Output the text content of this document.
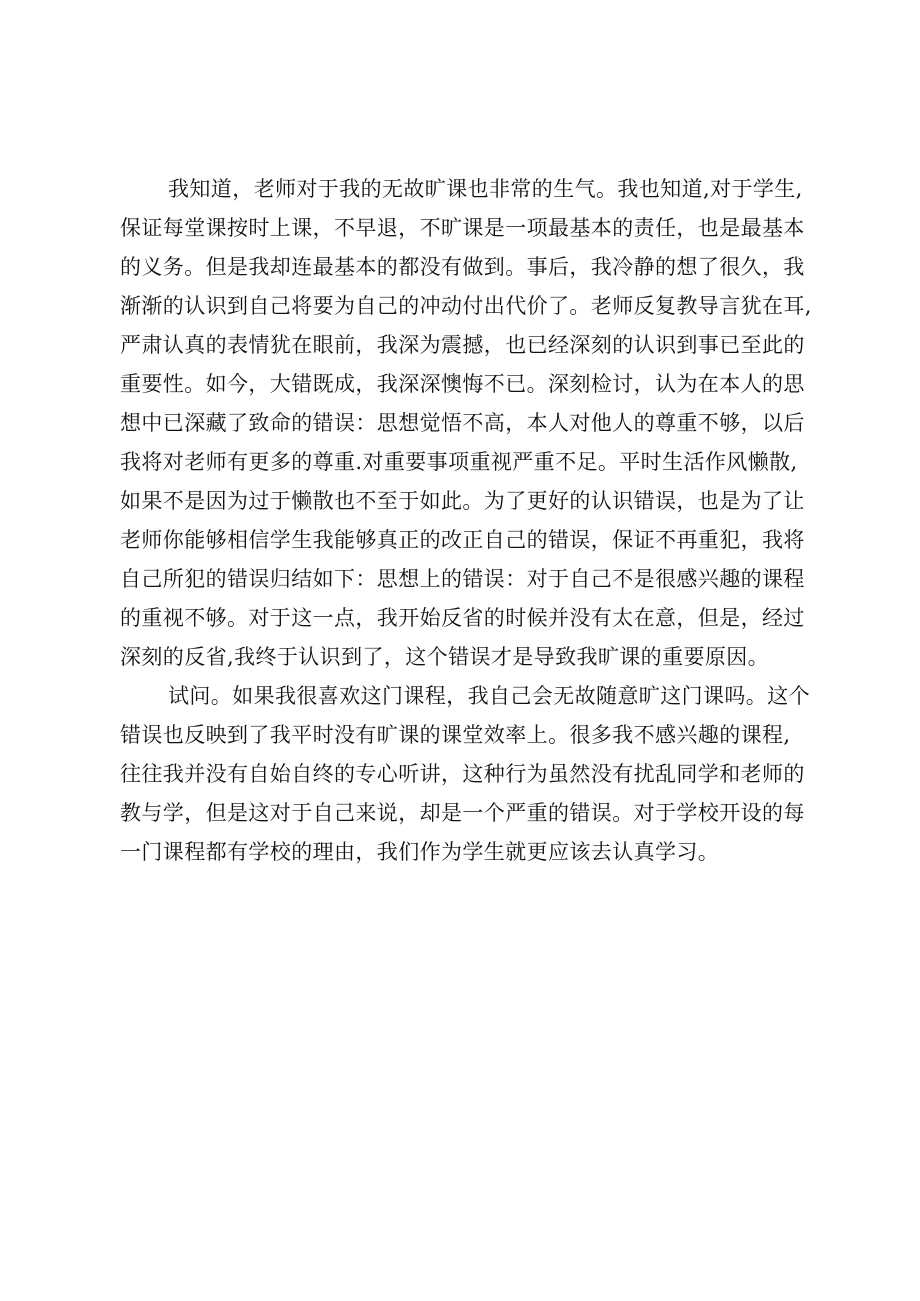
我知道，老师对于我的无故旷课也非常的生气。我也知道,对于学生,
保证每堂课按时上课，不早退，不旷课是一项最基本的责任，也是最基本
的义务。但是我却连最基本的都没有做到。事后，我冷静的想了很久，我
渐渐的认识到自己将要为自己的冲动付出代价了。老师反复教导言犹在耳,
严肃认真的表情犹在眼前，我深为震撼，也已经深刻的认识到事已至此的
重要性。如今，大错既成，我深深懊悔不已。深刻检讨，认为在本人的思
想中已深藏了致命的错误：思想觉悟不高，本人对他人的尊重不够，以后
我将对老师有更多的尊重.对重要事项重视严重不足。平时生活作风懒散,
如果不是因为过于懒散也不至于如此。为了更好的认识错误，也是为了让
老师你能够相信学生我能够真正的改正自己的错误，保证不再重犯，我将
自己所犯的错误归结如下：思想上的错误：对于自己不是很感兴趣的课程
的重视不够。对于这一点，我开始反省的时候并没有太在意，但是，经过
深刻的反省,我终于认识到了，这个错误才是导致我旷课的重要原因。
试问。如果我很喜欢这门课程，我自己会无故随意旷这门课吗。这个
错误也反映到了我平时没有旷课的课堂效率上。很多我不感兴趣的课程,
往往我并没有自始自终的专心听讲，这种行为虽然没有扰乱同学和老师的
教与学，但是这对于自己来说，却是一个严重的错误。对于学校开设的每
一门课程都有学校的理由，我们作为学生就更应该去认真学习。
